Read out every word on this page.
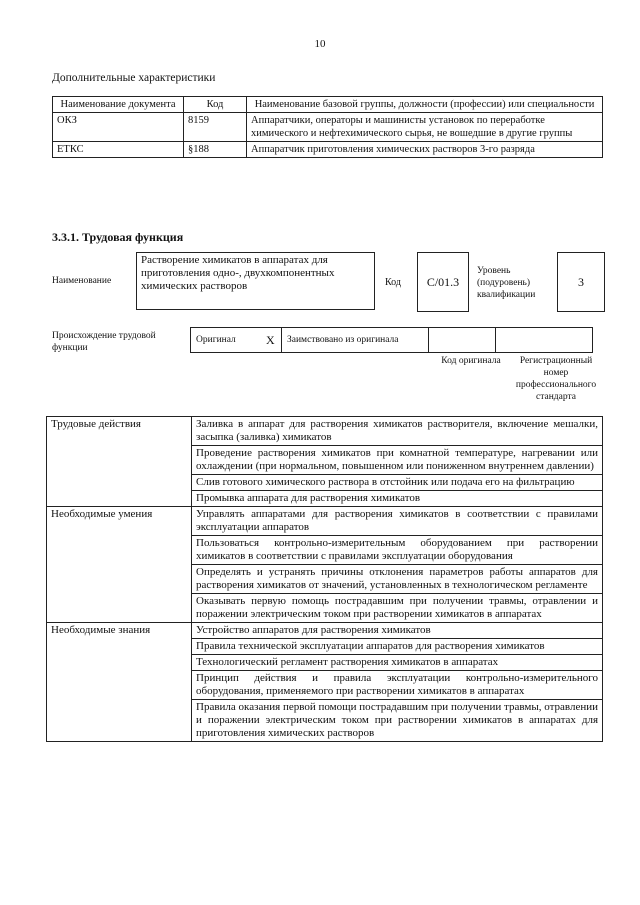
10
Дополнительные характеристики
Наименование документа	Код	Наименование базовой группы, должности (профессии) или специальности
ОКЗ	8159	Аппаратчики, операторы и машинисты установок по переработке химического и нефтехимического сырья, не вошедшие в другие группы
ЕТКС	§188	Аппаратчик приготовления химических растворов 3-го разряда
3.3.1. Трудовая функция
Наименование
Растворение химикатов в аппаратах для приготовления одно-, двухкомпонентных химических растворов	Код	С/01.3
Уровень (подуровень) квалификации
3
Происхождение трудовой функции
Оригинал	X	Заимствовано из оригинала		
Код оригинала	Регистрационный номер профессионального стандарта
Трудовые действия	Заливка в аппарат для растворения химикатов растворителя, включение мешалки, засыпка (заливка) химикатов
	Проведение растворения химикатов при комнатной температуре, нагревании или охлаждении (при нормальном, повышенном или пониженном внутреннем давлении)
	Слив готового химического раствора в отстойник или подача его на фильтрацию
	Промывка аппарата для растворения химикатов
Необходимые умения	Управлять аппаратами для растворения химикатов в соответствии с правилами эксплуатации аппаратов
	Пользоваться контрольно-измерительным оборудованием при растворении химикатов в соответствии с правилами эксплуатации оборудования
	Определять и устранять причины отклонения параметров работы аппаратов для растворения химикатов от значений, установленных в технологическом регламенте
	Оказывать первую помощь пострадавшим при получении травмы, отравлении и поражении электрическим током при растворении химикатов в аппаратах
Необходимые знания	Устройство аппаратов для растворения химикатов
	Правила технической эксплуатации аппаратов для растворения химикатов
	Технологический регламент растворения химикатов в аппаратах
	Принцип действия и правила эксплуатации контрольно-измерительного оборудования, применяемого при растворении химикатов в аппаратах
	Правила оказания первой помощи пострадавшим при получении травмы, отравлении и поражении электрическим током при растворении химикатов в аппаратах для приготовления химических растворов
